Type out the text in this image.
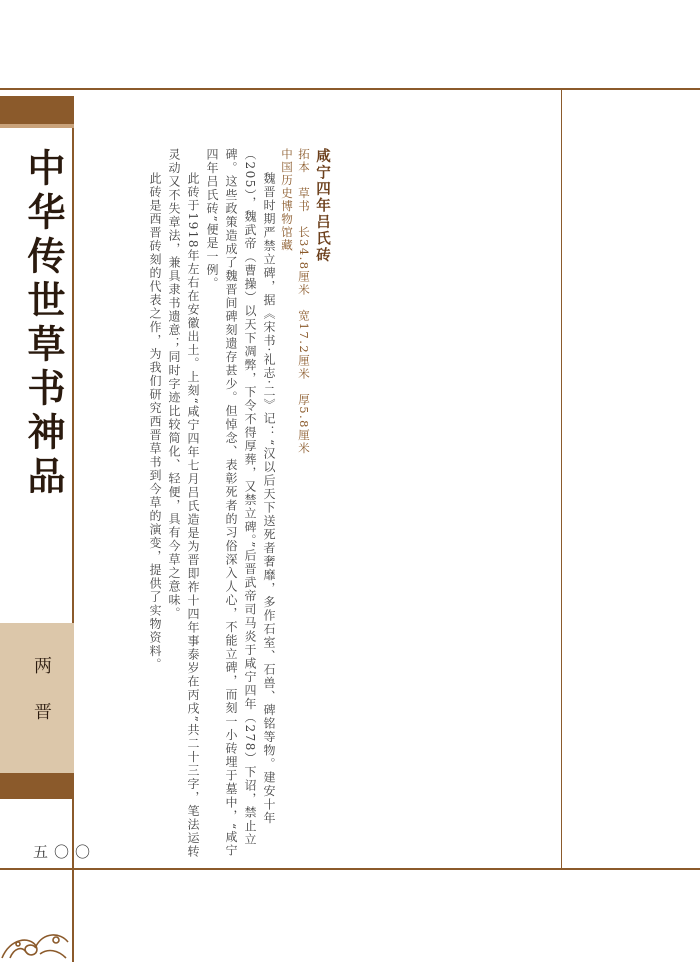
中华传世草书神品
两晋
〇〇五
咸宁四年吕氏砖
拓本　草书　长34.8厘米　宽17.2厘米　厚5.8厘米
中国历史博物馆藏
魏晋时期严禁立碑，据《宋书·礼志·二》记：“汉以后天下送死者奢靡，多作石室、石兽、碑铭等物。建安十年（205），魏武帝（曹操）以天下凋弊，下令不得厚葬，又禁立碑。”后晋武帝司马炎于咸宁四年（278）下诏，禁止立碑。这些政策造成了魏晋间碑刻遗存甚少。但悼念、表彰死者的习俗深入人心，不能立碑，而刻一小砖埋于墓中，“咸宁四年吕氏砖”便是一例。
此砖于1918年左右在安徽出土。上刻“咸宁四年七月吕氏造是为晋即祚十四年事泰岁在丙戌”共二十三字，笔法运转灵动又不失章法，兼具隶书遗意；同时字迹比较简化、轻便，具有今草之意味。
此砖是西晋砖刻的代表之作，为我们研究西晋草书到今草的演变，提供了实物资料。
